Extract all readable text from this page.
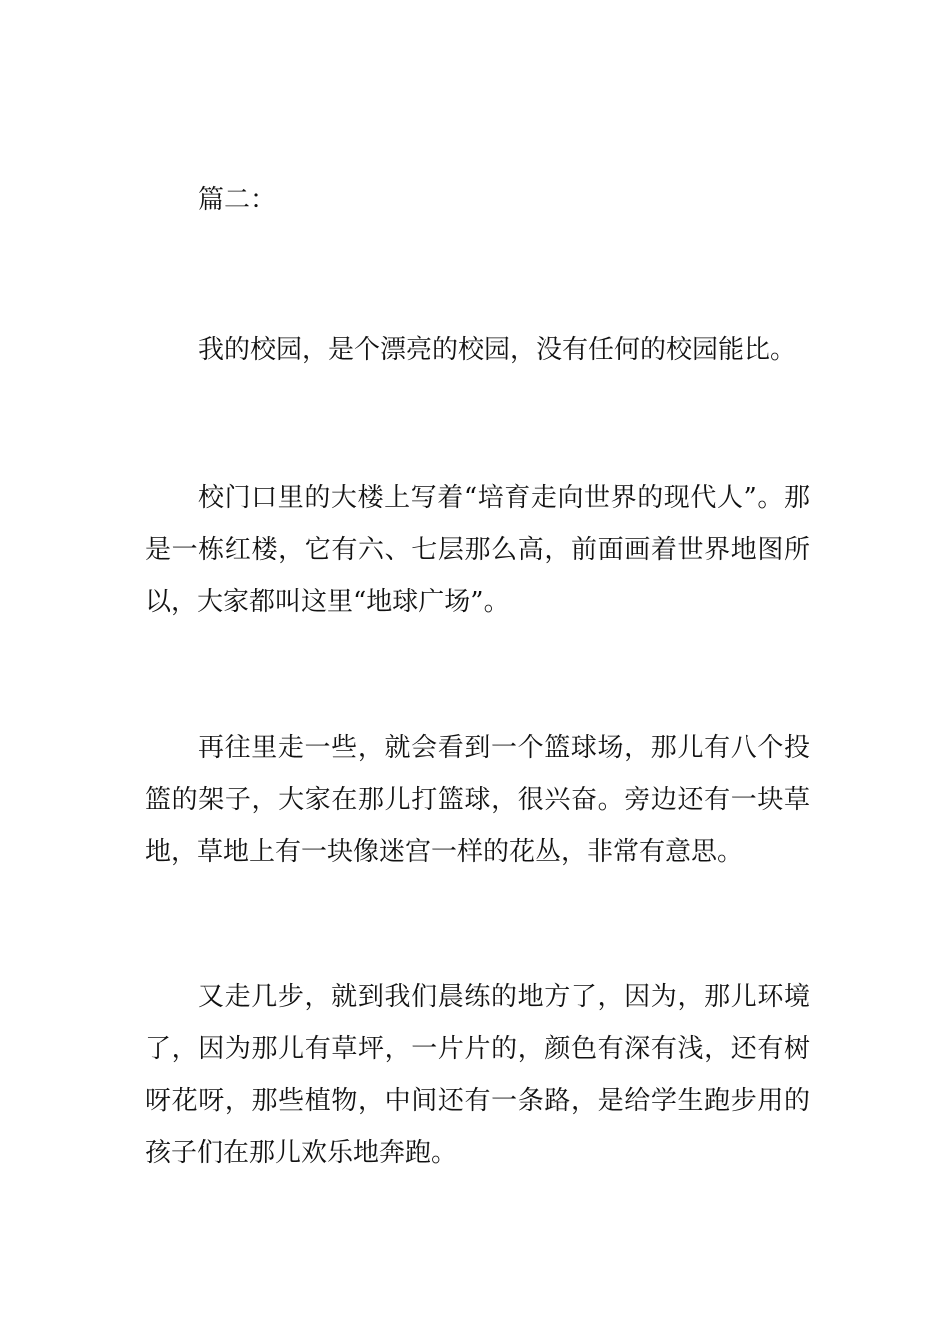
篇二：

我的校园，是个漂亮的校园，没有任何的校园能比。

校门口里的大楼上写着“培育走向世界的现代人”。那是一栋红楼，它有六、七层那么高，前面画着世界地图所以，大家都叫这里“地球广场”。

再往里走一些，就会看到一个篮球场，那儿有八个投篮的架子，大家在那儿打篮球，很兴奋。旁边还有一块草地，草地上有一块像迷宫一样的花丛，非常有意思。

又走几步，就到我们晨练的地方了，因为，那儿环境了，因为那儿有草坪，一片片的，颜色有深有浅，还有树呀花呀，那些植物，中间还有一条路，是给学生跑步用的孩子们在那儿欢乐地奔跑。
